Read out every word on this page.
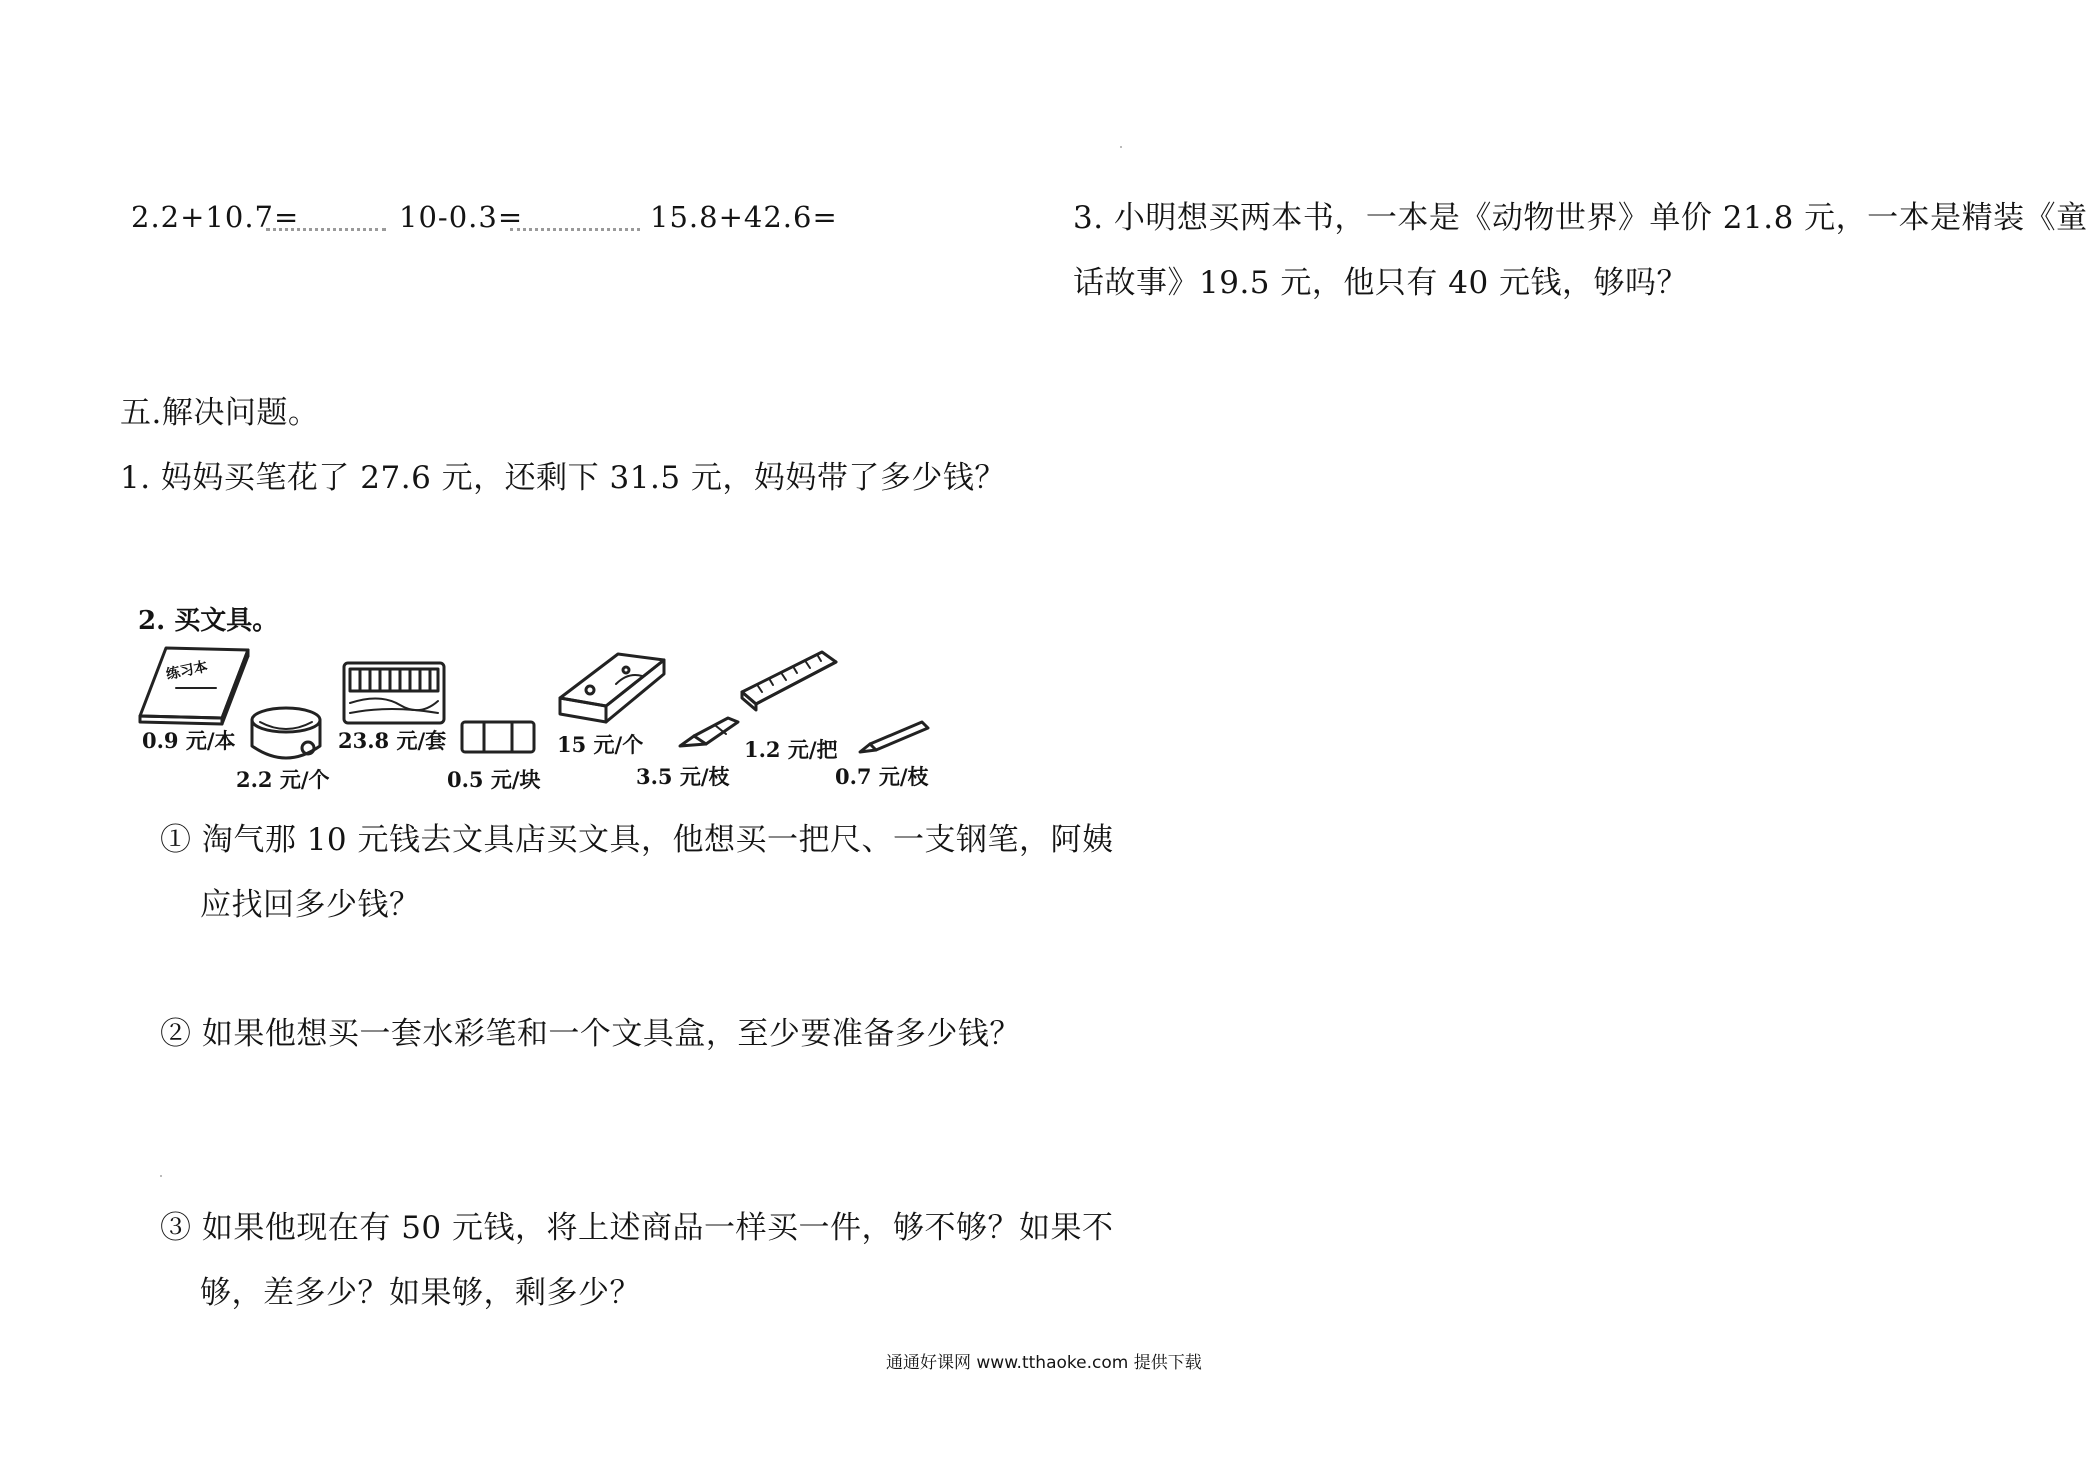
2.2+10.7=	10-0.3=	15.8+42.6=
五.解决问题。
1. 妈妈买笔花了 27.6 元，还剩下 31.5 元，妈妈带了多少钱？
2. 买文具。
练习本
0.9 元/本
2.2 元/个
23.8 元/套
0.5 元/块
15 元/个
3.5 元/枝
1.2 元/把
0.7 元/枝
① 淘气那 10 元钱去文具店买文具，他想买一把尺、一支钢笔，阿姨
应找回多少钱？
② 如果他想买一套水彩笔和一个文具盒，至少要准备多少钱？
③ 如果他现在有 50 元钱，将上述商品一样买一件，够不够？如果不
够，差多少？如果够，剩多少？
3. 小明想买两本书，一本是《动物世界》单价 21.8 元，一本是精装《童
话故事》19.5 元，他只有 40 元钱，够吗？
通通好课网 www.tthaoke.com 提供下载
